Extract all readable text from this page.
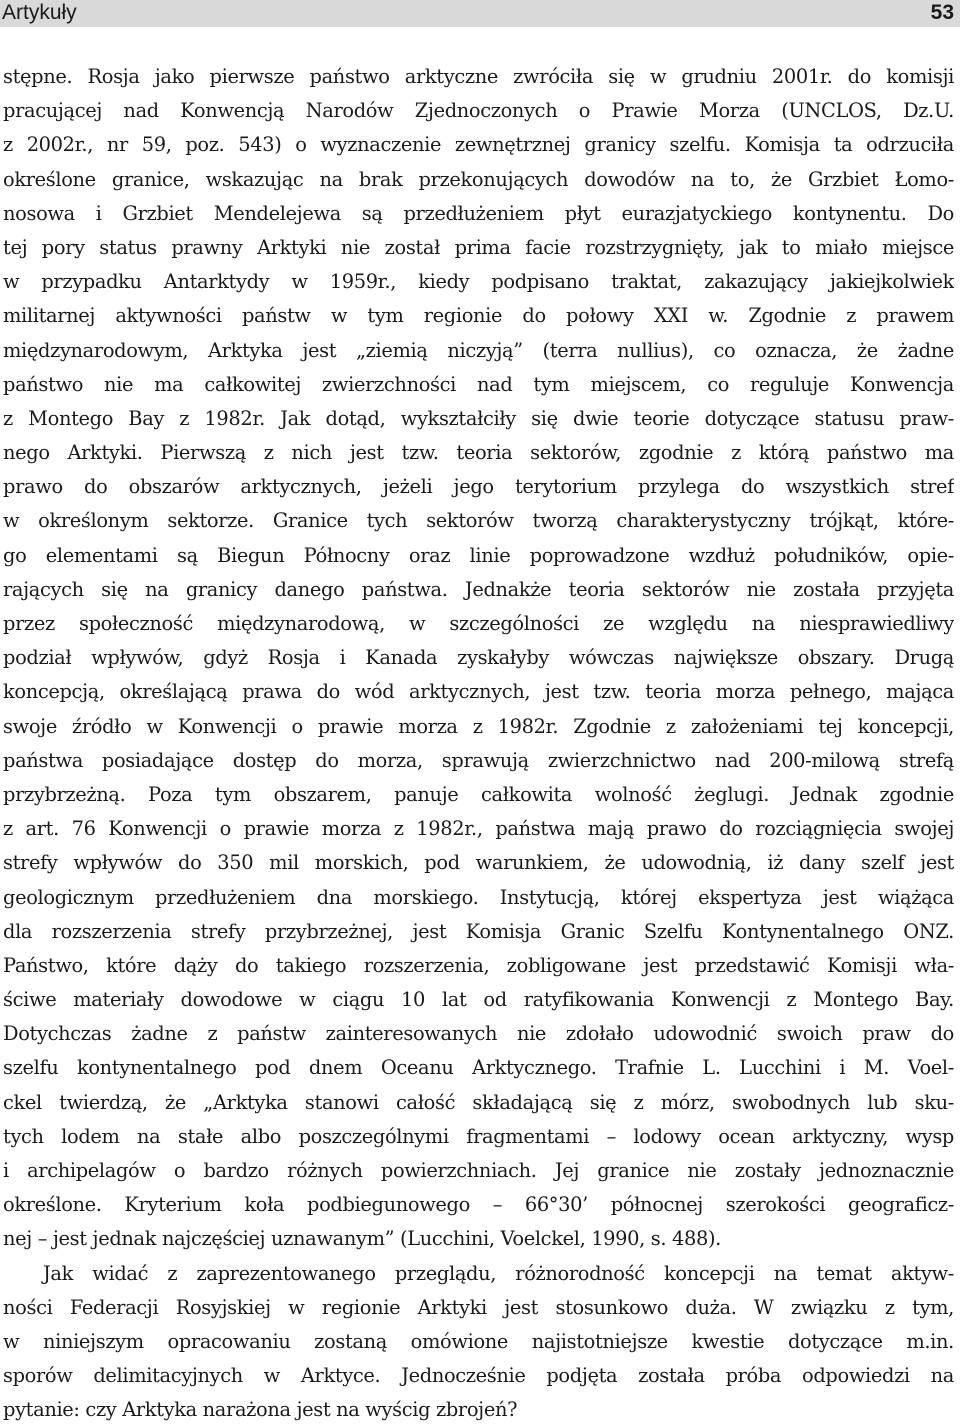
Artykuły	53
stępne. Rosja jako pierwsze państwo arktyczne zwróciła się w grudniu 2001r. do komisji
pracującej nad Konwencją Narodów Zjednoczonych o Prawie Morza (UNCLOS, Dz.U.
z 2002r., nr 59, poz. 543) o wyznaczenie zewnętrznej granicy szelfu. Komisja ta odrzuciła
określone granice, wskazując na brak przekonujących dowodów na to, że Grzbiet Łomo-
nosowa i Grzbiet Mendelejewa są przedłużeniem płyt eurazjatyckiego kontynentu. Do
tej pory status prawny Arktyki nie został prima facie rozstrzygnięty, jak to miało miejsce
w przypadku Antarktydy w 1959r., kiedy podpisano traktat, zakazujący jakiejkolwiek
militarnej aktywności państw w tym regionie do połowy XXI w. Zgodnie z prawem
międzynarodowym, Arktyka jest „ziemią niczyją” (terra nullius), co oznacza, że żadne
państwo nie ma całkowitej zwierzchności nad tym miejscem, co reguluje Konwencja
z Montego Bay z 1982r. Jak dotąd, wykształciły się dwie teorie dotyczące statusu praw-
nego Arktyki. Pierwszą z nich jest tzw. teoria sektorów, zgodnie z którą państwo ma
prawo do obszarów arktycznych, jeżeli jego terytorium przylega do wszystkich stref
w określonym sektorze. Granice tych sektorów tworzą charakterystyczny trójkąt, które-
go elementami są Biegun Północny oraz linie poprowadzone wzdłuż południków, opie-
rających się na granicy danego państwa. Jednakże teoria sektorów nie została przyjęta
przez społeczność międzynarodową, w szczególności ze względu na niesprawiedliwy
podział wpływów, gdyż Rosja i Kanada zyskałyby wówczas największe obszary. Drugą
koncepcją, określającą prawa do wód arktycznych, jest tzw. teoria morza pełnego, mająca
swoje źródło w Konwencji o prawie morza z 1982r. Zgodnie z założeniami tej koncepcji,
państwa posiadające dostęp do morza, sprawują zwierzchnictwo nad 200-milową strefą
przybrzeżną. Poza tym obszarem, panuje całkowita wolność żeglugi. Jednak zgodnie
z art. 76 Konwencji o prawie morza z 1982r., państwa mają prawo do rozciągnięcia swojej
strefy wpływów do 350 mil morskich, pod warunkiem, że udowodnią, iż dany szelf jest
geologicznym przedłużeniem dna morskiego. Instytucją, której ekspertyza jest wiążąca
dla rozszerzenia strefy przybrzeżnej, jest Komisja Granic Szelfu Kontynentalnego ONZ.
Państwo, które dąży do takiego rozszerzenia, zobligowane jest przedstawić Komisji wła-
ściwe materiały dowodowe w ciągu 10 lat od ratyfikowania Konwencji z Montego Bay.
Dotychczas żadne z państw zainteresowanych nie zdołało udowodnić swoich praw do
szelfu kontynentalnego pod dnem Oceanu Arktycznego. Trafnie L. Lucchini i M. Voel-
ckel twierdzą, że „Arktyka stanowi całość składającą się z mórz, swobodnych lub sku-
tych lodem na stałe albo poszczególnymi fragmentami – lodowy ocean arktyczny, wysp
i archipelagów o bardzo różnych powierzchniach. Jej granice nie zostały jednoznacznie
określone. Kryterium koła podbiegunowego – 66°30’ północnej szerokości geograficz-
nej – jest jednak najczęściej uznawanym” (Lucchini, Voelckel, 1990, s. 488).
Jak widać z zaprezentowanego przeglądu, różnorodność koncepcji na temat aktyw-
ności Federacji Rosyjskiej w regionie Arktyki jest stosunkowo duża. W związku z tym,
w niniejszym opracowaniu zostaną omówione najistotniejsze kwestie dotyczące m.in.
sporów delimitacyjnych w Arktyce. Jednocześnie podjęta została próba odpowiedzi na
pytanie: czy Arktyka narażona jest na wyścig zbrojeń?
